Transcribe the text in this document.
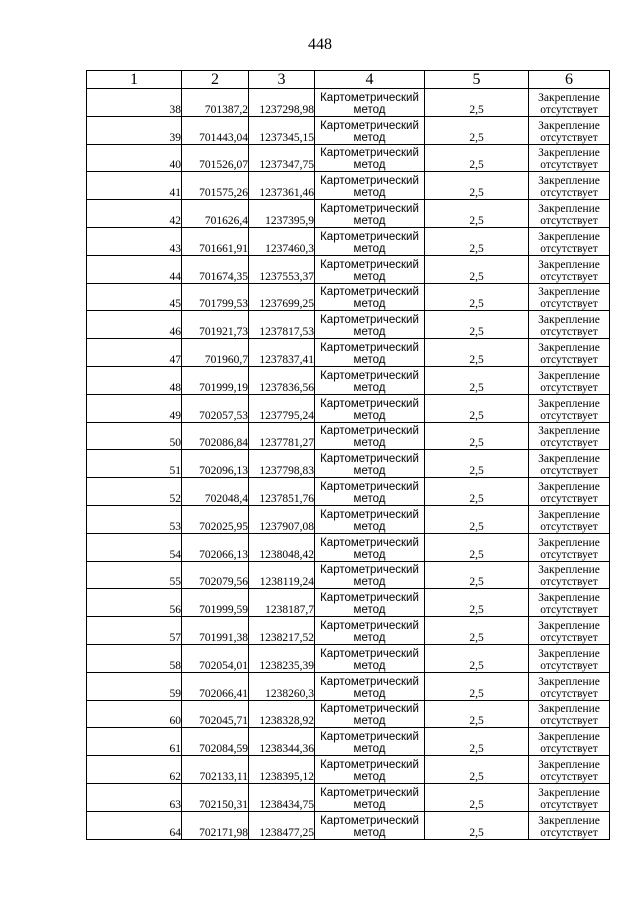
448
1	2	3	4	5	6
38	701387,2	1237298,98	Картометрический
метод	2,5	Закрепление
отсутствует

39	701443,04	1237345,15	Картометрический
метод	2,5	Закрепление
отсутствует

40	701526,07	1237347,75	Картометрический
метод	2,5	Закрепление
отсутствует

41	701575,26	1237361,46	Картометрический
метод	2,5	Закрепление
отсутствует

42	701626,4	1237395,9	Картометрический
метод	2,5	Закрепление
отсутствует

43	701661,91	1237460,3	Картометрический
метод	2,5	Закрепление
отсутствует

44	701674,35	1237553,37	Картометрический
метод	2,5	Закрепление
отсутствует

45	701799,53	1237699,25	Картометрический
метод	2,5	Закрепление
отсутствует

46	701921,73	1237817,53	Картометрический
метод	2,5	Закрепление
отсутствует

47	701960,7	1237837,41	Картометрический
метод	2,5	Закрепление
отсутствует

48	701999,19	1237836,56	Картометрический
метод	2,5	Закрепление
отсутствует

49	702057,53	1237795,24	Картометрический
метод	2,5	Закрепление
отсутствует

50	702086,84	1237781,27	Картометрический
метод	2,5	Закрепление
отсутствует

51	702096,13	1237798,83	Картометрический
метод	2,5	Закрепление
отсутствует

52	702048,4	1237851,76	Картометрический
метод	2,5	Закрепление
отсутствует

53	702025,95	1237907,08	Картометрический
метод	2,5	Закрепление
отсутствует

54	702066,13	1238048,42	Картометрический
метод	2,5	Закрепление
отсутствует

55	702079,56	1238119,24	Картометрический
метод	2,5	Закрепление
отсутствует

56	701999,59	1238187,7	Картометрический
метод	2,5	Закрепление
отсутствует

57	701991,38	1238217,52	Картометрический
метод	2,5	Закрепление
отсутствует

58	702054,01	1238235,39	Картометрический
метод	2,5	Закрепление
отсутствует

59	702066,41	1238260,3	Картометрический
метод	2,5	Закрепление
отсутствует

60	702045,71	1238328,92	Картометрический
метод	2,5	Закрепление
отсутствует

61	702084,59	1238344,36	Картометрический
метод	2,5	Закрепление
отсутствует

62	702133,11	1238395,12	Картометрический
метод	2,5	Закрепление
отсутствует

63	702150,31	1238434,75	Картометрический
метод	2,5	Закрепление
отсутствует

64	702171,98	1238477,25	Картометрический
метод	2,5	Закрепление
отсутствует
